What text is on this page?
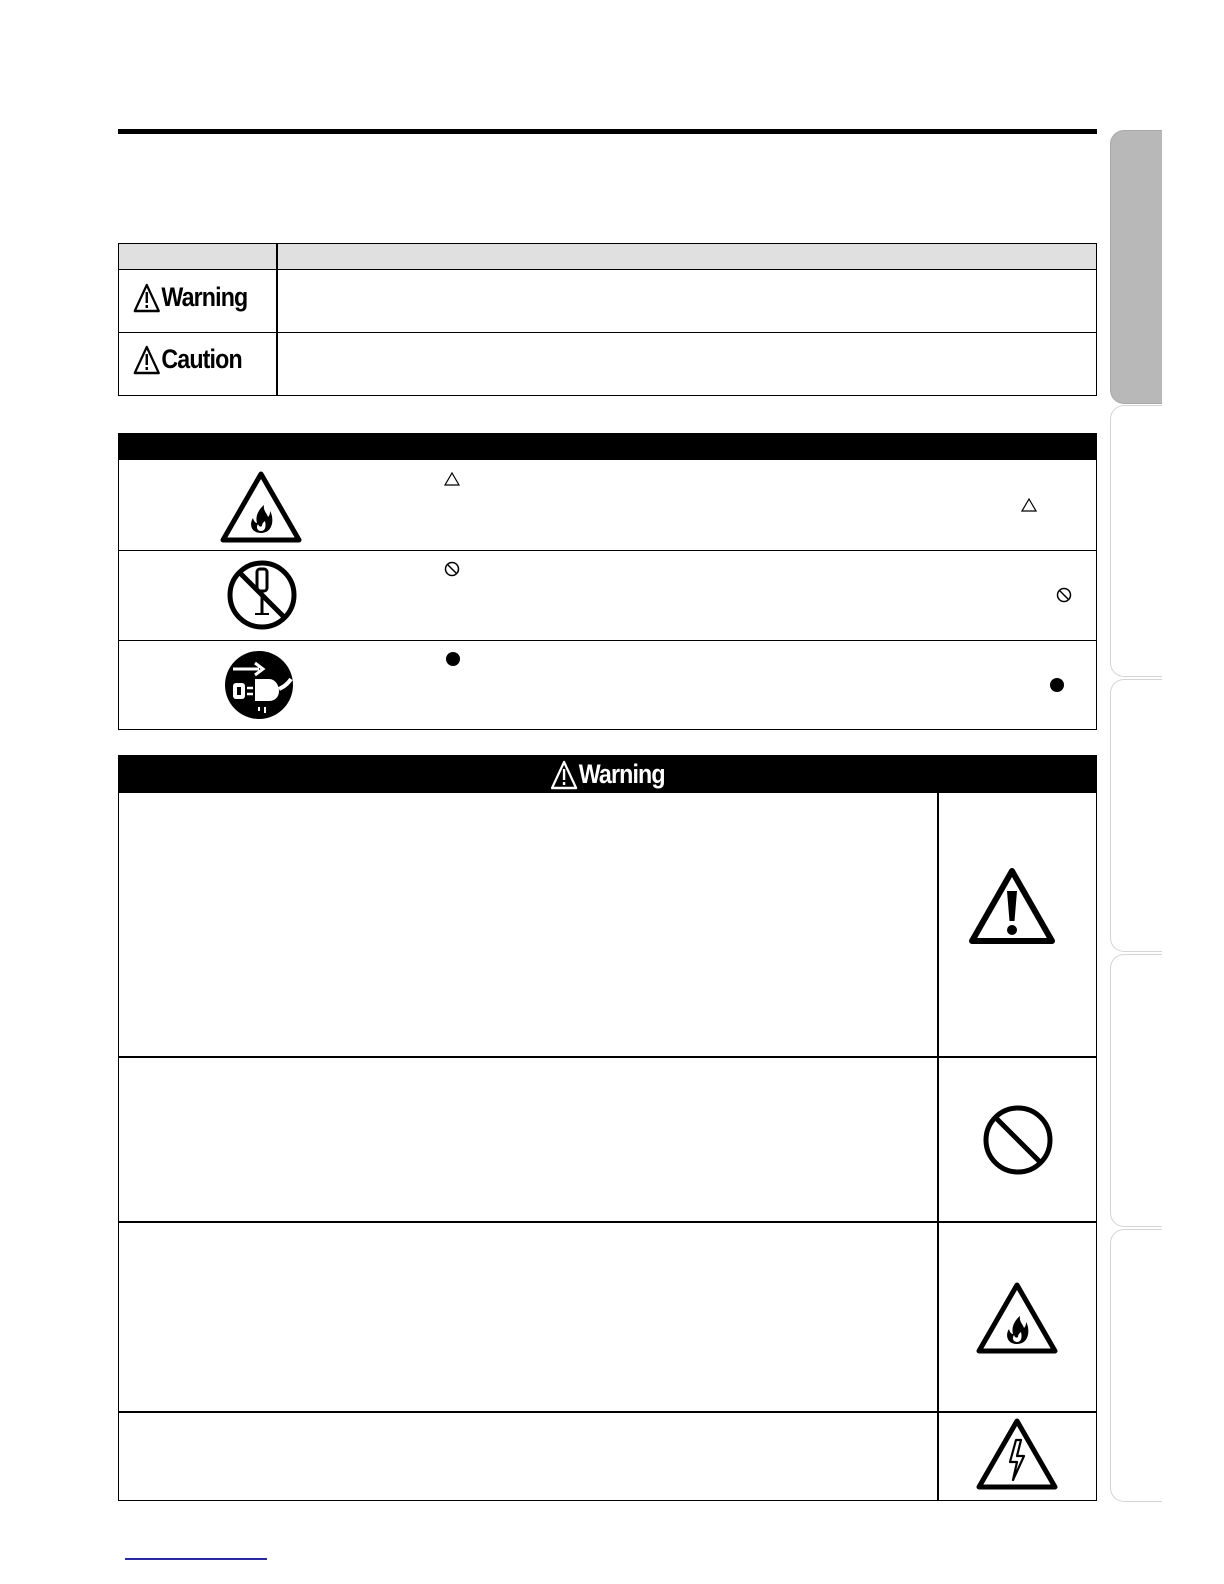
Warning
Caution
Warning
